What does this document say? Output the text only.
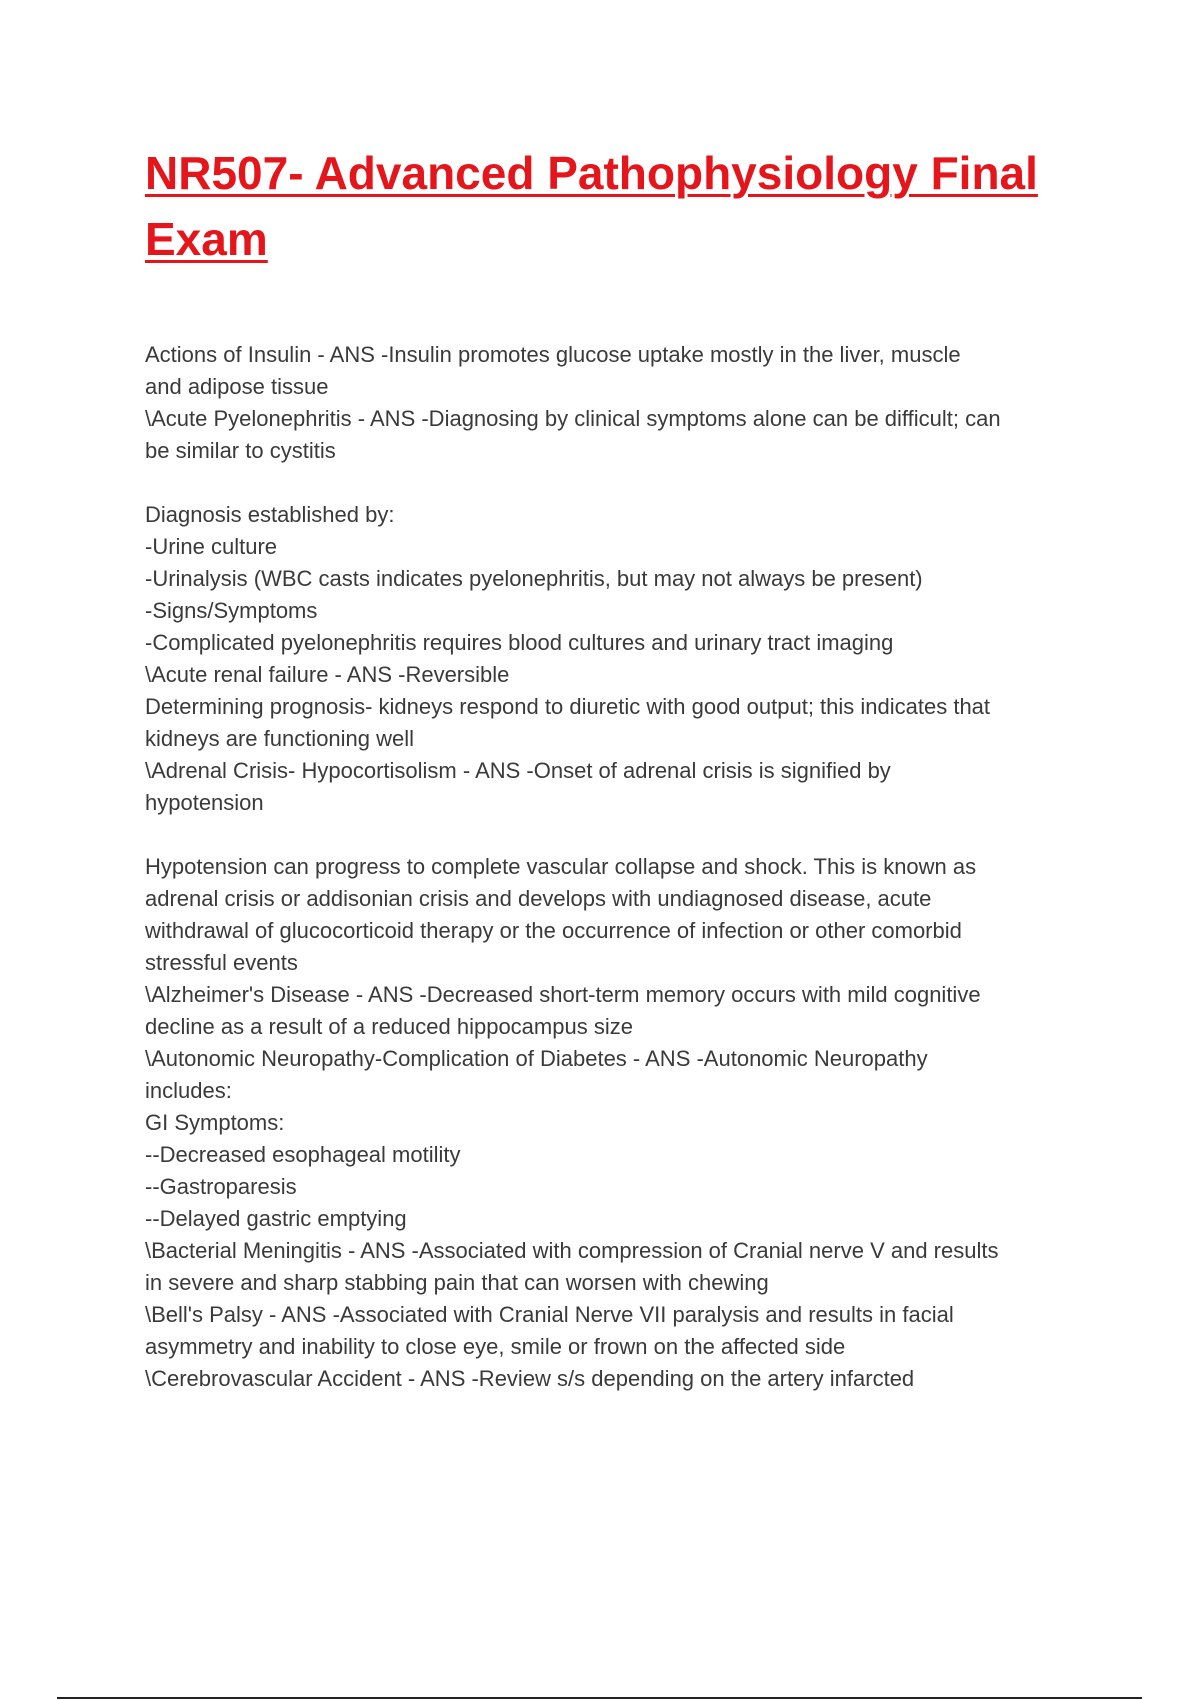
NR507- Advanced Pathophysiology Final Exam
Actions of Insulin - ANS -Insulin promotes glucose uptake mostly in the liver, muscle
and adipose tissue
\Acute Pyelonephritis - ANS -Diagnosing by clinical symptoms alone can be difficult; can
be similar to cystitis
Diagnosis established by:
-Urine culture
-Urinalysis (WBC casts indicates pyelonephritis, but may not always be present)
-Signs/Symptoms
-Complicated pyelonephritis requires blood cultures and urinary tract imaging
\Acute renal failure - ANS -Reversible
Determining prognosis- kidneys respond to diuretic with good output; this indicates that
kidneys are functioning well
\Adrenal Crisis- Hypocortisolism - ANS -Onset of adrenal crisis is signified by
hypotension
Hypotension can progress to complete vascular collapse and shock. This is known as
adrenal crisis or addisonian crisis and develops with undiagnosed disease, acute
withdrawal of glucocorticoid therapy or the occurrence of infection or other comorbid
stressful events
\Alzheimer's Disease - ANS -Decreased short-term memory occurs with mild cognitive
decline as a result of a reduced hippocampus size
\Autonomic Neuropathy-Complication of Diabetes - ANS -Autonomic Neuropathy
includes:
GI Symptoms:
--Decreased esophageal motility
--Gastroparesis
--Delayed gastric emptying
\Bacterial Meningitis - ANS -Associated with compression of Cranial nerve V and results
in severe and sharp stabbing pain that can worsen with chewing
\Bell's Palsy - ANS -Associated with Cranial Nerve VII paralysis and results in facial
asymmetry and inability to close eye, smile or frown on the affected side
\Cerebrovascular Accident - ANS -Review s/s depending on the artery infarcted
